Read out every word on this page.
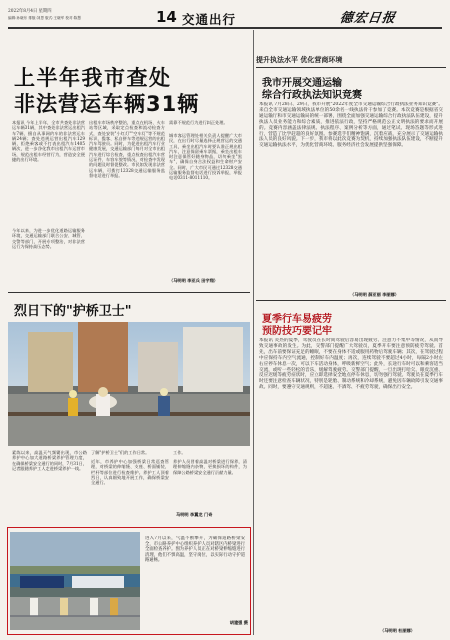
2022年8月4日 星期四
编辑:孙晓东 排版:刘思 版式:王晓军 校对:陈慧	14 交通出行	德宏日报
上半年我市查处
非法营运车辆31辆
本报讯 今年上半年，全市共查处非法营运车辆31辆，其中查处非法营运出租汽车7辆、擅自从事网约车的非法营运车辆24辆；查处违规运营出租汽车129辆，拒绝乘客或不打表出租汽车1405辆次，进一步净化我市出租汽车运营市场，规范出租车经营行为，营造安全便捷的出行环境。
今年以来，为进一步优化道路运输服务环境，交通运输部门联合公安、城管、交警等部门，开展专项整治，对非法营运行为保持高压态势。
出租车市场秩序整治，重点在机场、火车站等区域，采取定点检查和流动检查方式，查处安装"小红灯""空车灯"等不规范标识、揽客、私自拼车等违规运营的出租汽车驾驶员。同时，为促进出租汽车行业健康发展，交通运输部门每月对全市出租汽车进行综合检查，重点检查出租汽车营运证件、车容车貌等情况，对检查中发现的问题及时督促整改。市民如发现非法营运车辆，可拨打12328交通运输服务监督电话进行举报。
需靠不规范行为进行纠正处理。
城市客运管理处相关负责人提醒广大市民，在出行时尽量选择正规营运的交通工具，乘坐出租汽车时要认准正规出租汽车，注意保留乘车票据，乘坐出租车时注意保管好随身物品，切勿乘坐"黑车"，确保自身合法权益和生命财产安全。同时，广大市民可通过12328交通运输服务监督电话进行投诉举报，举报电话0311-8011110。
（马明明 李亚兵 田宇翔）
烈日下的"护桥卫士"
素练以来，高温天气频繁出现，市公路养护中心加大道路桥梁养护管理力度，在确保桥梁安全通行的同时，7月31日，记者跟随养护工人走进桥梁养护一线。
了解"护桥卫士"们的工作日常。
近年，市养护中心加强桥梁日常巡查管理，对桥梁的伸缩缝、支座、桥面铺装、栏杆等部位进行检查维护。养护工人顶着烈日，认真细致地开展工作，确保桥梁安全通行。
工作。
养护人员冒着高温对桥梁进行保养，清理伸缩缝内杂物，更换损坏的构件，为保障公路桥梁安全通行贡献力量。
马明明 李翼龙 门奇
进入7月以来，气温不断攀升，为确保道路桥梁安全，市公路养护中心组织养护人员对辖区内桥梁进行全面检查养护。图为养护人员正在对桥梁伸缩缝进行清理，他们不惧高温，坚守岗位，以实际行动守护道路通畅。
胡建强 摄
提升执法水平 优化营商环境
我市开展交通运输
综合行政执法知识竞赛
本报讯 7月28日、29日，我市开展"2022年度全市交通运输综合行政执法业务知识竞赛"。来自全市交通运输领域执法单位的50余名一线执法骨干参加了竞赛。本次竞赛是根据省交通运输厅和市交通运输局的统一部署，围绕全面加强交通运输综合行政执法队伍建设，提升执法人员业务能力和综合素质，推进依法行政，坚持严格规范公正文明执法的要求而开展的。竞赛内容涵盖法律法规、执法程序、案例分析等方面，通过笔试、现场答题等形式进行，营造了比学赶超的良好氛围。参赛选手们精神饱满，沉着应战，充分展示了交通运输执法人员的良好风貌。下一步，我市将以此次竞赛为契机，持续加强执法队伍建设，不断提升交通运输执法水平，为优化营商环境、服务经济社会发展提供坚强保障。
（马明明 薛亚丽 李丽娜）
夏季行车易疲劳
预防技巧要记牢
本报讯 炎热的夏季，驾驶员在长时间驾驶后容易出现疲劳、注意力不集中等情况，从而导致交通事故的发生。为此，交警部门提醒广大驾驶员，夏季开车要注意预防疲劳驾驶。首先，出车前要保证充足的睡眠，不要在身体不适或服用药物后驾驶车辆；其次，在驾驶过程中应保持车内空气流通，控制好车内温度；再次，连续驾驶不要超过4小时，每隔2小时左右应停车休息一次，可以下车活动身体，呼吸新鲜空气；此外，长途行车时可以和乘客适当交流，或听一些轻松的音乐，缓解驾驶疲劳。交警部门提醒，一旦出现打哈欠、眼皮沉重、反应迟缓等疲劳症状时，应立即选择安全地点停车休息，切勿强行驾驶。驾驶员在夏季行车时还要注意检查车辆状况，特别是轮胎、制动系统和冷却系统，避免因车辆故障引发交通事故。同时，要遵守交通规则，不超速、不酒驾、不疲劳驾驶，确保出行安全。
（马明明 杜丽娜）
